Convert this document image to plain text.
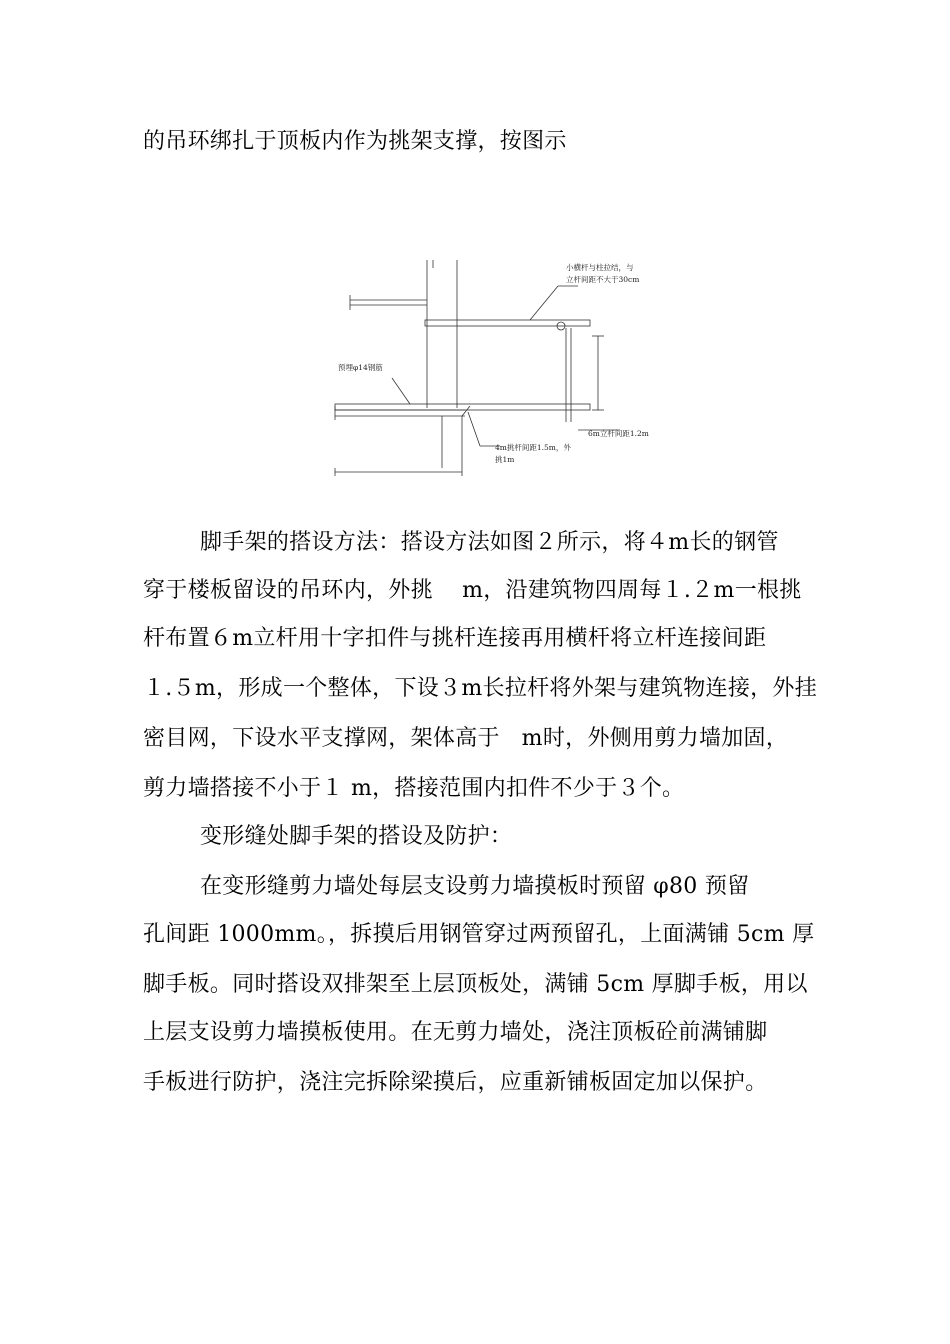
的吊环绑扎于顶板内作为挑架支撑，按图示
小横杆与柱拉结，与
立杆间距不大于30cm
预埋φ14钢筋
6m立杆间距1.2m
4m挑杆间距1.5m，外
挑1m
脚手架的搭设方法：搭设方法如图２所示，将４m长的钢管
穿于楼板留设的吊环内，外挑    m，沿建筑物四周每１.２m一根挑
杆布置６m立杆用十字扣件与挑杆连接再用横杆将立杆连接间距
１.５m，形成一个整体，下设３m长拉杆将外架与建筑物连接，外挂
密目网，下设水平支撑网，架体高于   m时，外侧用剪力墙加固，
剪力墙搭接不小于１ m，搭接范围内扣件不少于３个。
变形缝处脚手架的搭设及防护：
在变形缝剪力墙处每层支设剪力墙摸板时预留 φ80 预留
孔间距 1000mm。，拆摸后用钢管穿过两预留孔，上面满铺 5cm 厚
脚手板。同时搭设双排架至上层顶板处，满铺 5cm 厚脚手板，用以
上层支设剪力墙摸板使用。在无剪力墙处，浇注顶板砼前满铺脚
手板进行防护，浇注完拆除梁摸后，应重新铺板固定加以保护。
